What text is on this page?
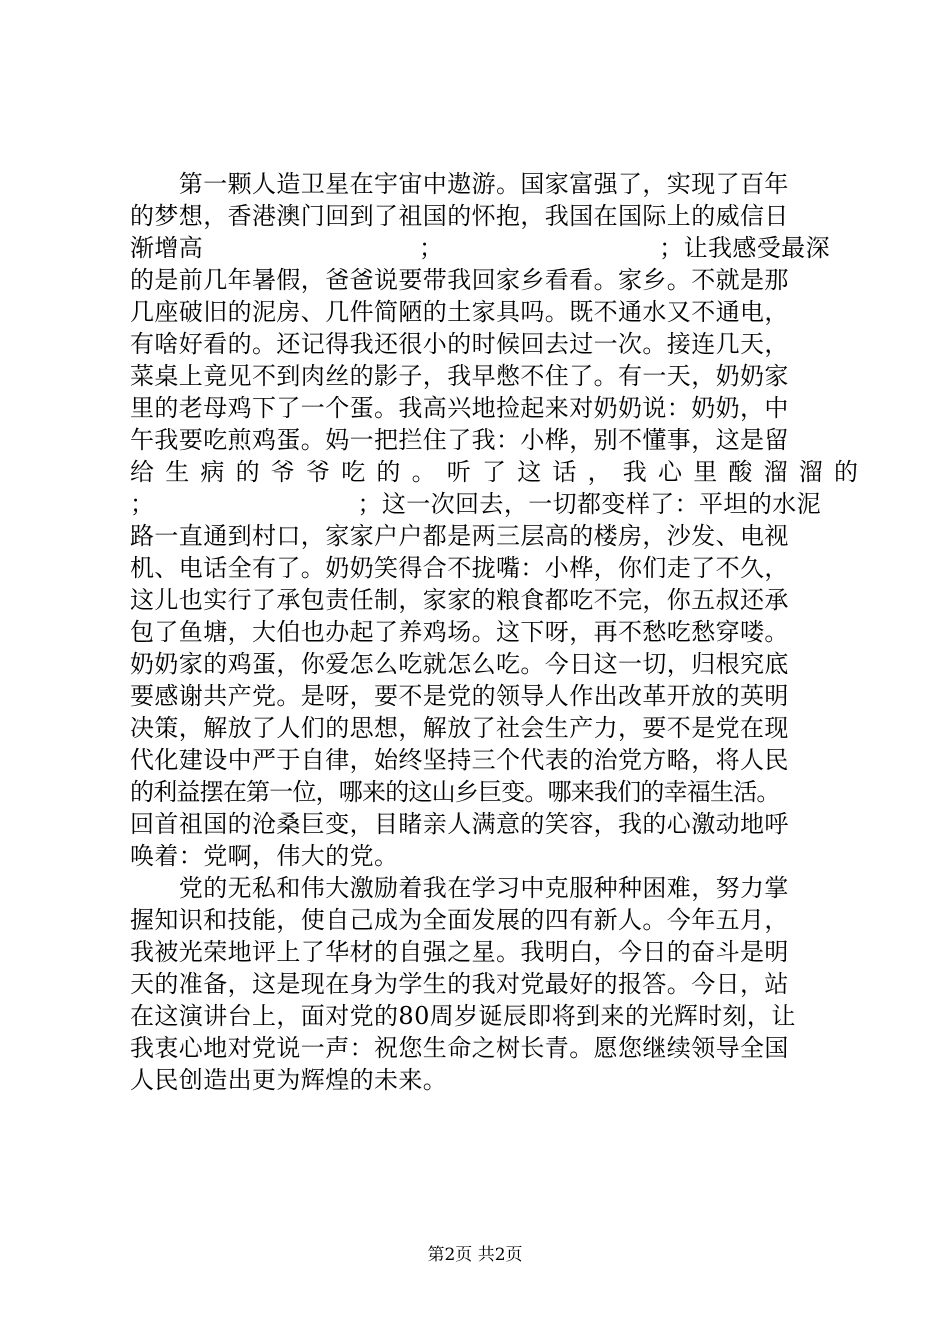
　　第一颗人造卫星在宇宙中遨游。国家富强了，实现了百年
的梦想，香港澳门回到了祖国的怀抱，我国在国际上的威信日
渐增高	；	；让我感受最深
的是前几年暑假，爸爸说要带我回家乡看看。家乡。不就是那
几座破旧的泥房、几件简陋的土家具吗。既不通水又不通电，
有啥好看的。还记得我还很小的时候回去过一次。接连几天，
菜桌上竟见不到肉丝的影子，我早憋不住了。有一天，奶奶家
里的老母鸡下了一个蛋。我高兴地捡起来对奶奶说：奶奶，中
午我要吃煎鸡蛋。妈一把拦住了我：小桦，别不懂事，这是留
给生病的爷爷吃的。听了这话，我心里酸溜溜的
；	；这一次回去，一切都变样了：平坦的水泥
路一直通到村口，家家户户都是两三层高的楼房，沙发、电视
机、电话全有了。奶奶笑得合不拢嘴：小桦，你们走了不久，
这儿也实行了承包责任制，家家的粮食都吃不完，你五叔还承
包了鱼塘，大伯也办起了养鸡场。这下呀，再不愁吃愁穿喽。
奶奶家的鸡蛋，你爱怎么吃就怎么吃。今日这一切，归根究底
要感谢共产党。是呀，要不是党的领导人作出改革开放的英明
决策，解放了人们的思想，解放了社会生产力，要不是党在现
代化建设中严于自律，始终坚持三个代表的治党方略，将人民
的利益摆在第一位，哪来的这山乡巨变。哪来我们的幸福生活。
回首祖国的沧桑巨变，目睹亲人满意的笑容，我的心激动地呼
唤着：党啊，伟大的党。
　　党的无私和伟大激励着我在学习中克服种种困难，努力掌
握知识和技能，使自己成为全面发展的四有新人。今年五月，
我被光荣地评上了华材的自强之星。我明白，今日的奋斗是明
天的准备，这是现在身为学生的我对党最好的报答。今日，站
在这演讲台上，面对党的80周岁诞辰即将到来的光辉时刻，让
我衷心地对党说一声：祝您生命之树长青。愿您继续领导全国
人民创造出更为辉煌的未来。
第2页 共2页
